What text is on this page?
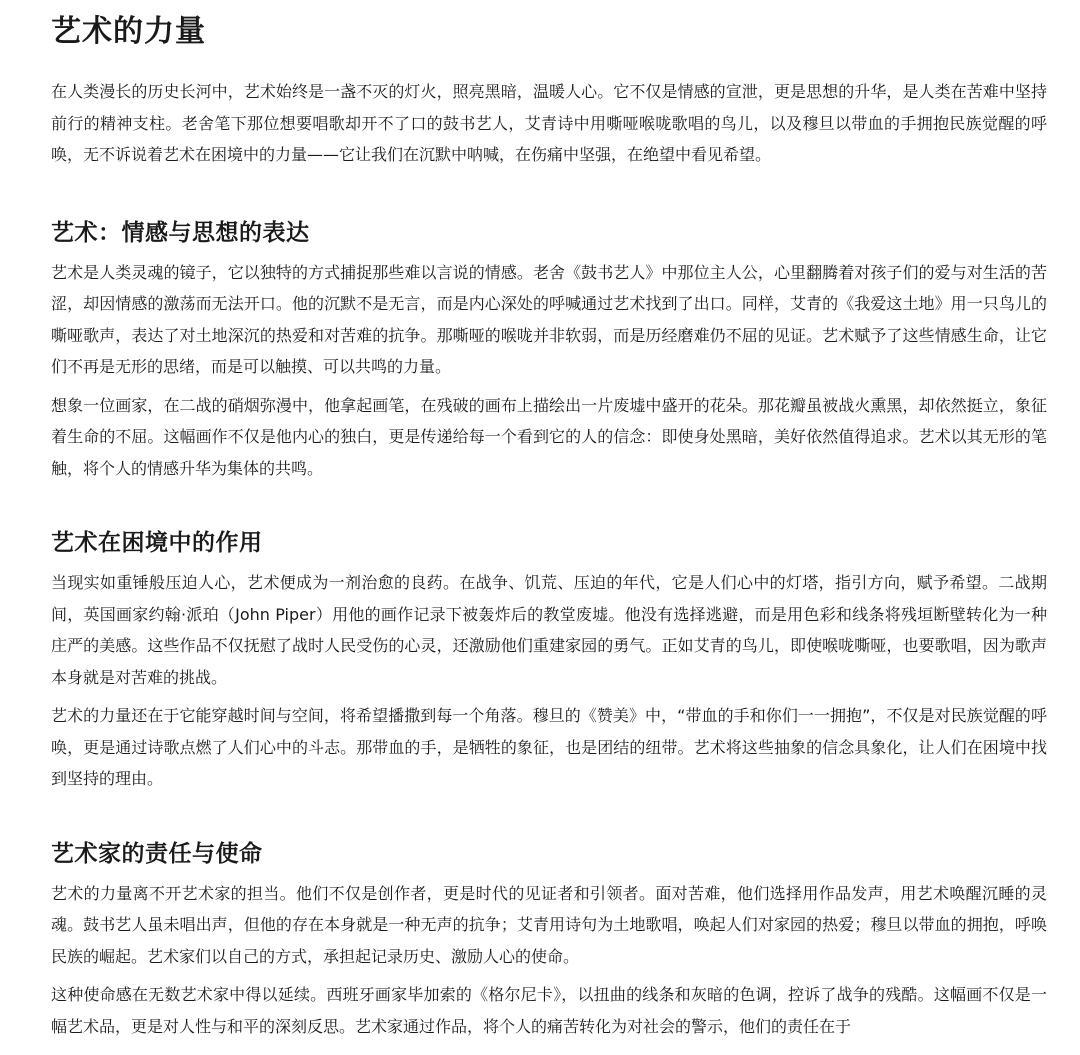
艺术的力量

在人类漫长的历史长河中，艺术始终是一盏不灭的灯火，照亮黑暗，温暖人心。它不仅是情感的宣泄，更是思想的升华，是人类在苦难中坚持前行的精神支柱。老舍笔下那位想要唱歌却开不了口的鼓书艺人，艾青诗中用嘶哑喉咙歌唱的鸟儿，以及穆旦以带血的手拥抱民族觉醒的呼唤，无不诉说着艺术在困境中的力量——它让我们在沉默中呐喊，在伤痛中坚强，在绝望中看见希望。

艺术：情感与思想的表达

艺术是人类灵魂的镜子，它以独特的方式捕捉那些难以言说的情感。老舍《鼓书艺人》中那位主人公，心里翻腾着对孩子们的爱与对生活的苦涩，却因情感的激荡而无法开口。他的沉默不是无言，而是内心深处的呼喊通过艺术找到了出口。同样，艾青的《我爱这土地》用一只鸟儿的嘶哑歌声，表达了对土地深沉的热爱和对苦难的抗争。那嘶哑的喉咙并非软弱，而是历经磨难仍不屈的见证。艺术赋予了这些情感生命，让它们不再是无形的思绪，而是可以触摸、可以共鸣的力量。

想象一位画家，在二战的硝烟弥漫中，他拿起画笔，在残破的画布上描绘出一片废墟中盛开的花朵。那花瓣虽被战火熏黑，却依然挺立，象征着生命的不屈。这幅画作不仅是他内心的独白，更是传递给每一个看到它的人的信念：即使身处黑暗，美好依然值得追求。艺术以其无形的笔触，将个人的情感升华为集体的共鸣。

艺术在困境中的作用

当现实如重锤般压迫人心，艺术便成为一剂治愈的良药。在战争、饥荒、压迫的年代，它是人们心中的灯塔，指引方向，赋予希望。二战期间，英国画家约翰·派珀（John Piper）用他的画作记录下被轰炸后的教堂废墟。他没有选择逃避，而是用色彩和线条将残垣断壁转化为一种庄严的美感。这些作品不仅抚慰了战时人民受伤的心灵，还激励他们重建家园的勇气。正如艾青的鸟儿，即使喉咙嘶哑，也要歌唱，因为歌声本身就是对苦难的挑战。

艺术的力量还在于它能穿越时间与空间，将希望播撒到每一个角落。穆旦的《赞美》中，“带血的手和你们一一拥抱”，不仅是对民族觉醒的呼唤，更是通过诗歌点燃了人们心中的斗志。那带血的手，是牺牲的象征，也是团结的纽带。艺术将这些抽象的信念具象化，让人们在困境中找到坚持的理由。

艺术家的责任与使命

艺术的力量离不开艺术家的担当。他们不仅是创作者，更是时代的见证者和引领者。面对苦难，他们选择用作品发声，用艺术唤醒沉睡的灵魂。鼓书艺人虽未唱出声，但他的存在本身就是一种无声的抗争；艾青用诗句为土地歌唱，唤起人们对家园的热爱；穆旦以带血的拥抱，呼唤民族的崛起。艺术家们以自己的方式，承担起记录历史、激励人心的使命。

这种使命感在无数艺术家中得以延续。西班牙画家毕加索的《格尔尼卡》，以扭曲的线条和灰暗的色调，控诉了战争的残酷。这幅画不仅是一幅艺术品，更是对人性与和平的深刻反思。艺术家通过作品，将个人的痛苦转化为对社会的警示，他们的责任在于
